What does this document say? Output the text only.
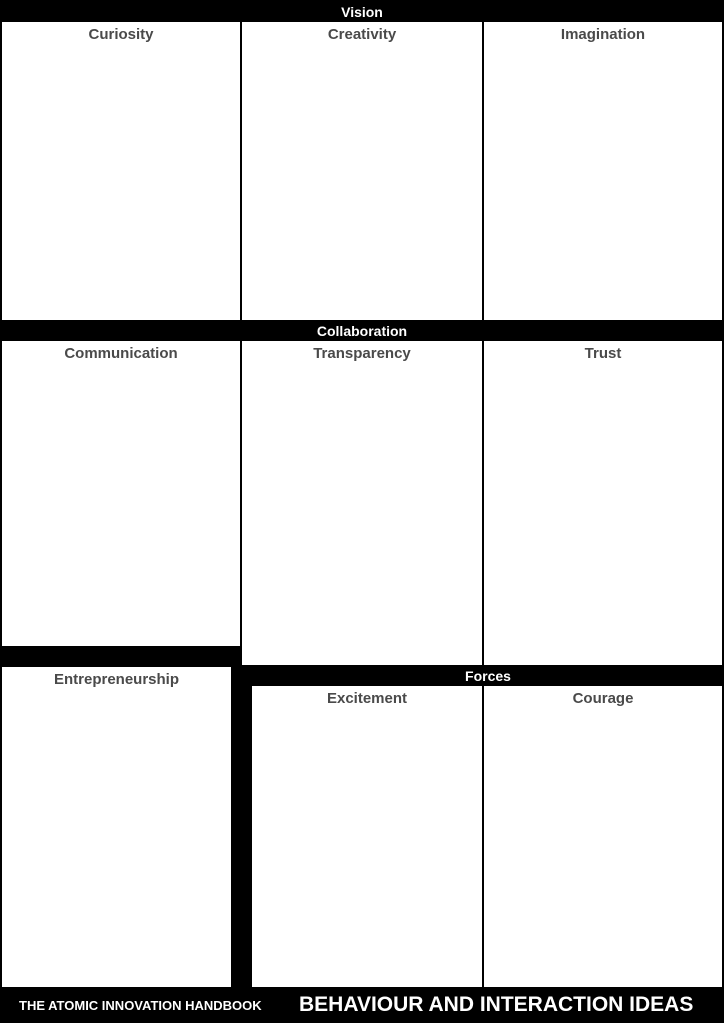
Vision
Curiosity	Creativity	Imagination
Collaboration
Communication	Transparency	Trust
Entrepreneurship	Forces
Excitement	Courage
THE ATOMIC INNOVATION HANDBOOK BEHAVIOUR AND INTERACTION IDEAS
